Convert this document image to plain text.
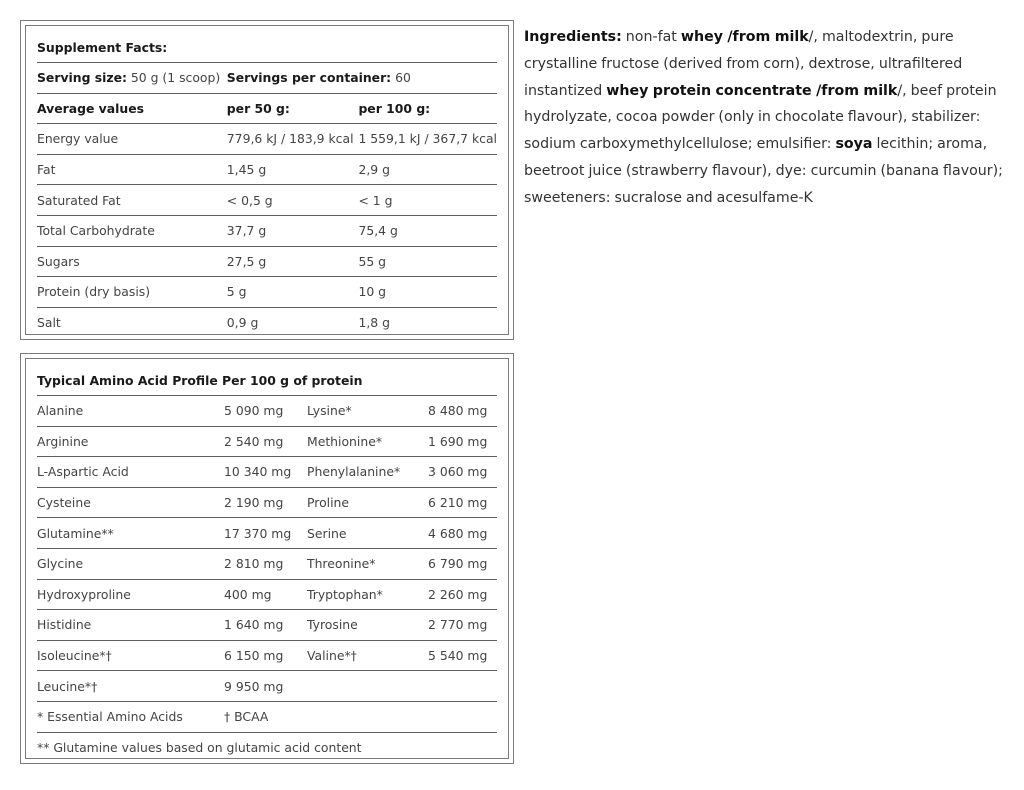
Supplement Facts:		
Serving size: 50 g (1 scoop)	Servings per container: 60	
Average values	per 50 g:	per 100 g:
Energy value	779,6 kJ / 183,9 kcal	1 559,1 kJ / 367,7 kcal
Fat	1,45 g	2,9 g
Saturated Fat	< 0,5 g	< 1 g
Total Carbohydrate	37,7 g	75,4 g
Sugars	27,5 g	55 g
Protein (dry basis)	5 g	10 g
Salt	0,9 g	1,8 g
Typical Amino Acid Profile Per 100 g of protein			
Alanine	5 090 mg	Lysine*	8 480 mg
Arginine	2 540 mg	Methionine*	1 690 mg
L-Aspartic Acid	10 340 mg	Phenylalanine*	3 060 mg
Cysteine	2 190 mg	Proline	6 210 mg
Glutamine**	17 370 mg	Serine	4 680 mg
Glycine	2 810 mg	Threonine*	6 790 mg
Hydroxyproline	400 mg	Tryptophan*	2 260 mg
Histidine	1 640 mg	Tyrosine	2 770 mg
Isoleucine*†	6 150 mg	Valine*†	5 540 mg
Leucine*†	9 950 mg		
* Essential Amino Acids	† BCAA		
** Glutamine values based on glutamic acid content			
Ingredients: non-fat whey /from milk/, maltodextrin, pure crystalline fructose (derived from corn), dextrose, ultrafiltered instantized whey protein concentrate /from milk/, beef protein hydrolyzate, cocoa powder (only in chocolate flavour), stabilizer: sodium carboxymethylcellulose; emulsifier: soya lecithin; aroma, beetroot juice (strawberry flavour), dye: curcumin (banana flavour); sweeteners: sucralose and acesulfame-K
